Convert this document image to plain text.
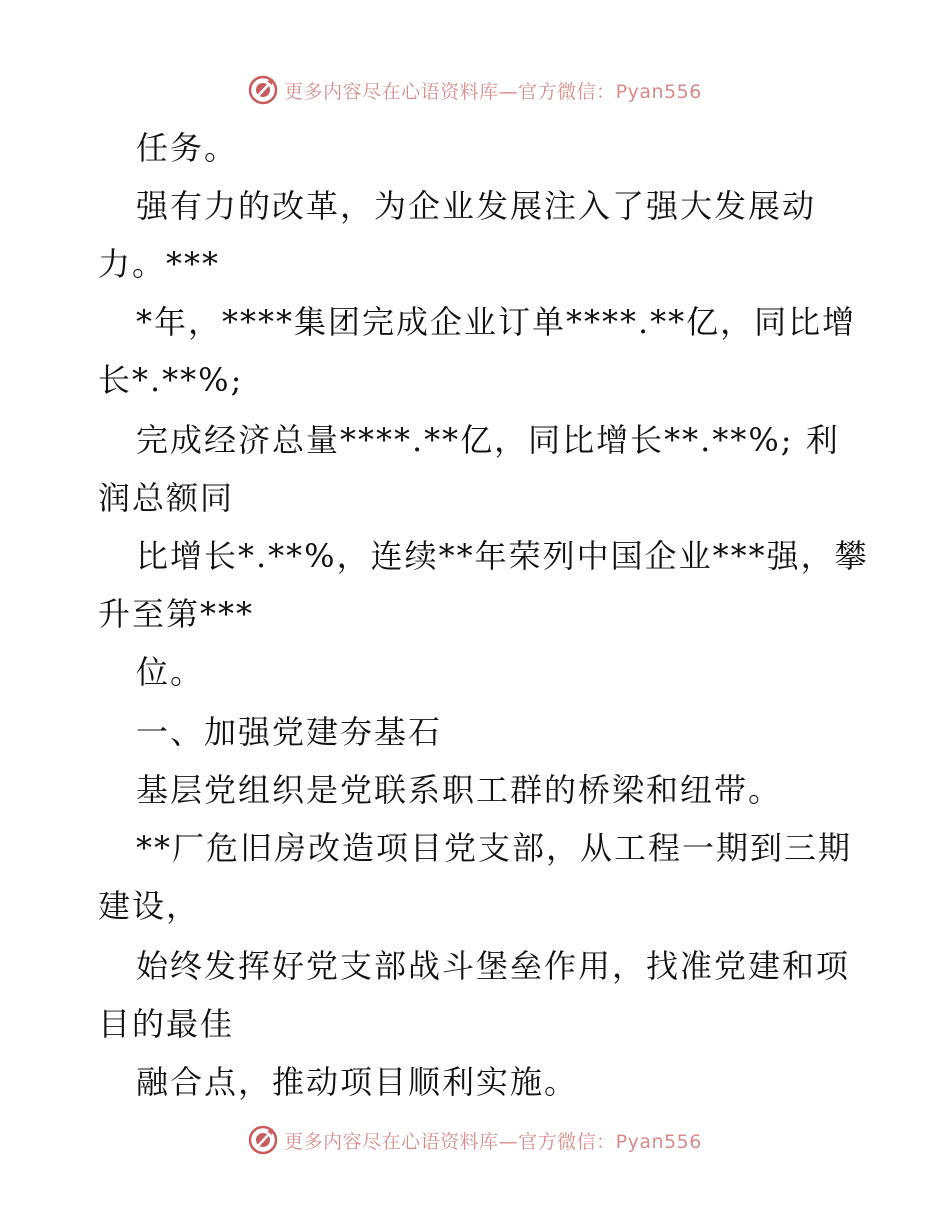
更多内容尽在心语资料库—官方微信：Pyan556
任务。
强有力的改革，为企业发展注入了强大发展动
力。***
*年，****集团完成企业订单****.**亿，同比增
长*.**%;
完成经济总量****.**亿，同比增长**.**%; 利
润总额同
比增长*.**%，连续**年荣列中国企业***强，攀
升至第***
位。
一、加强党建夯基石
基层党组织是党联系职工群的桥梁和纽带。
**厂危旧房改造项目党支部，从工程一期到三期
建设，
始终发挥好党支部战斗堡垒作用，找准党建和项
目的最佳
融合点，推动项目顺利实施。
更多内容尽在心语资料库—官方微信：Pyan556
